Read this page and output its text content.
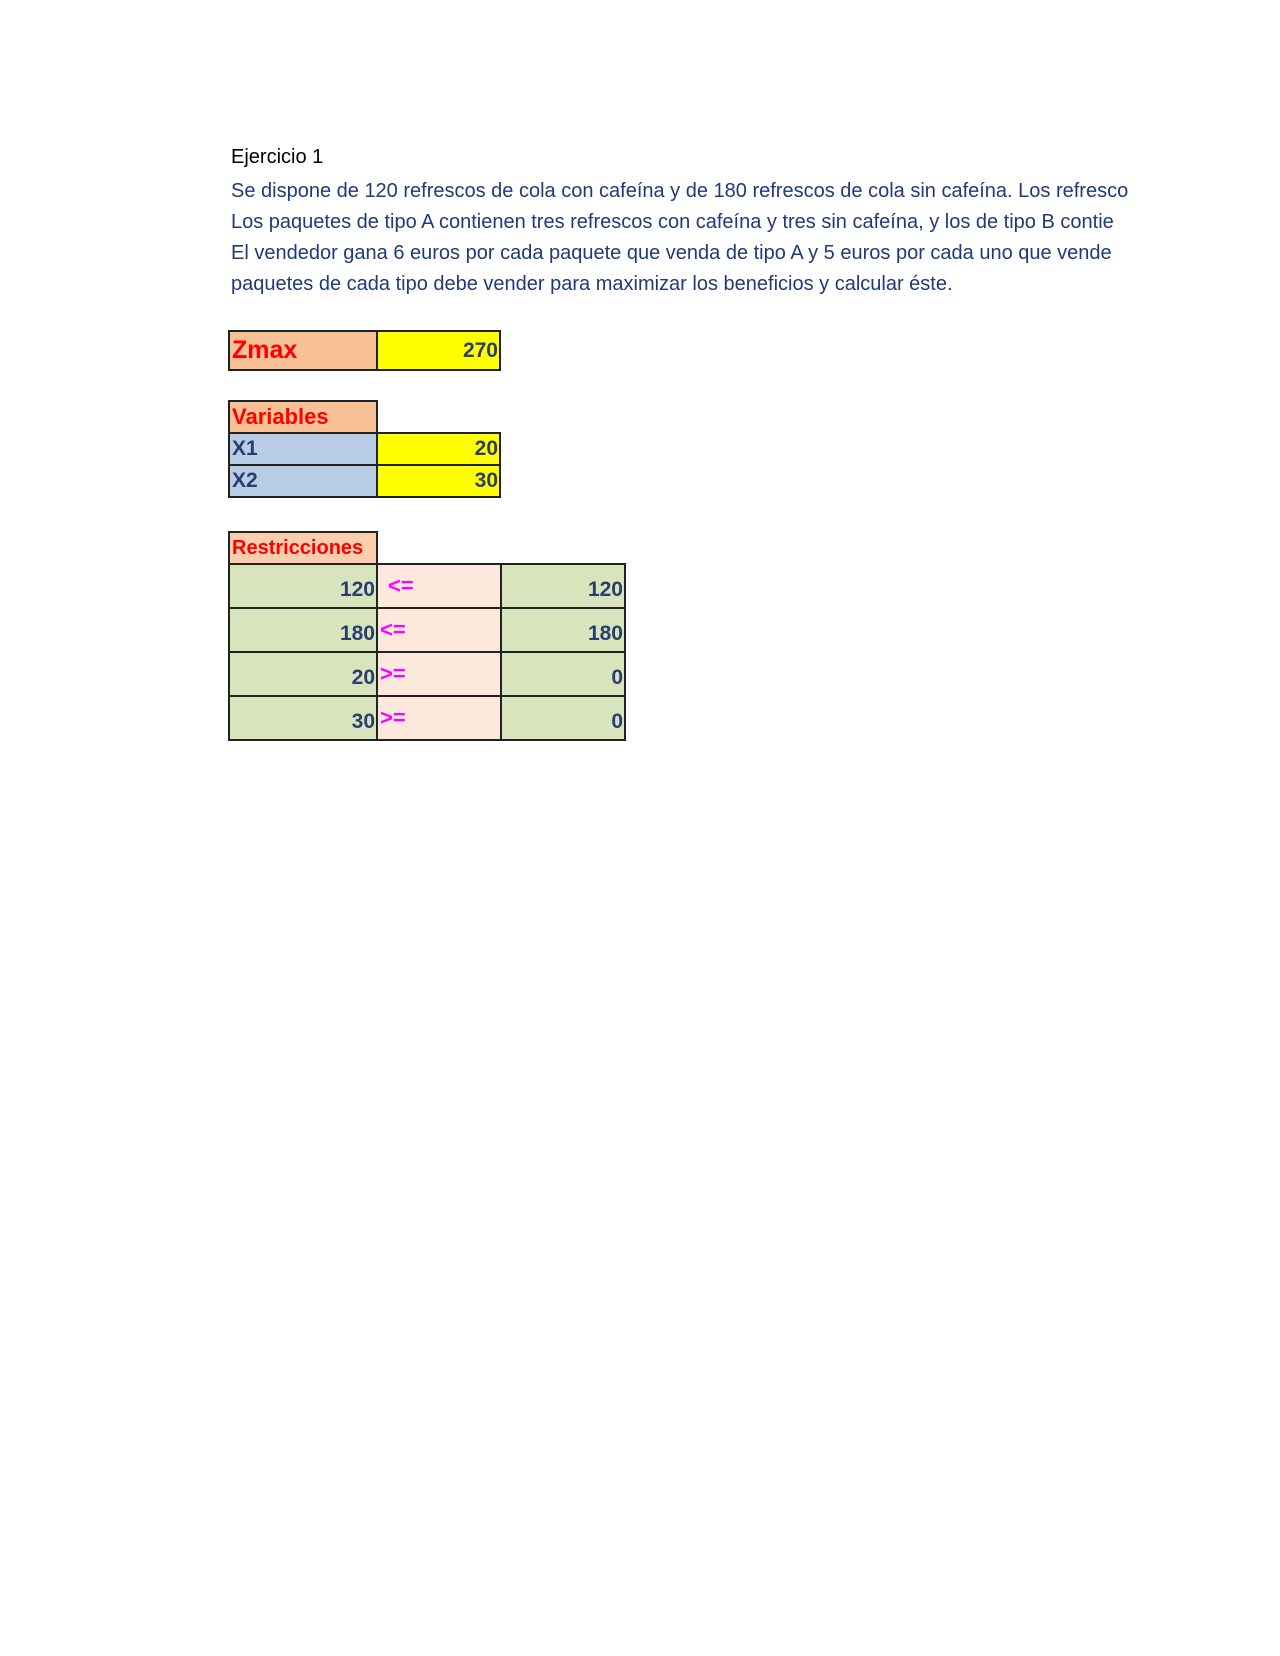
Ejercicio 1
Se dispone de 120 refrescos de cola con cafeína y de 180 refrescos de cola sin cafeína. Los refresco
Los paquetes de tipo A contienen tres refrescos con cafeína y tres sin cafeína, y los de tipo B contie
El vendedor gana 6 euros por cada paquete que venda de tipo A y 5 euros por cada uno que vende
paquetes de cada tipo debe vender para maximizar los beneficios y calcular éste.
Zmax	270
Variables
X1	20
X2	30
Restricciones
120 <=	120
180 <=	180
20 >=	0
30 >=	0
